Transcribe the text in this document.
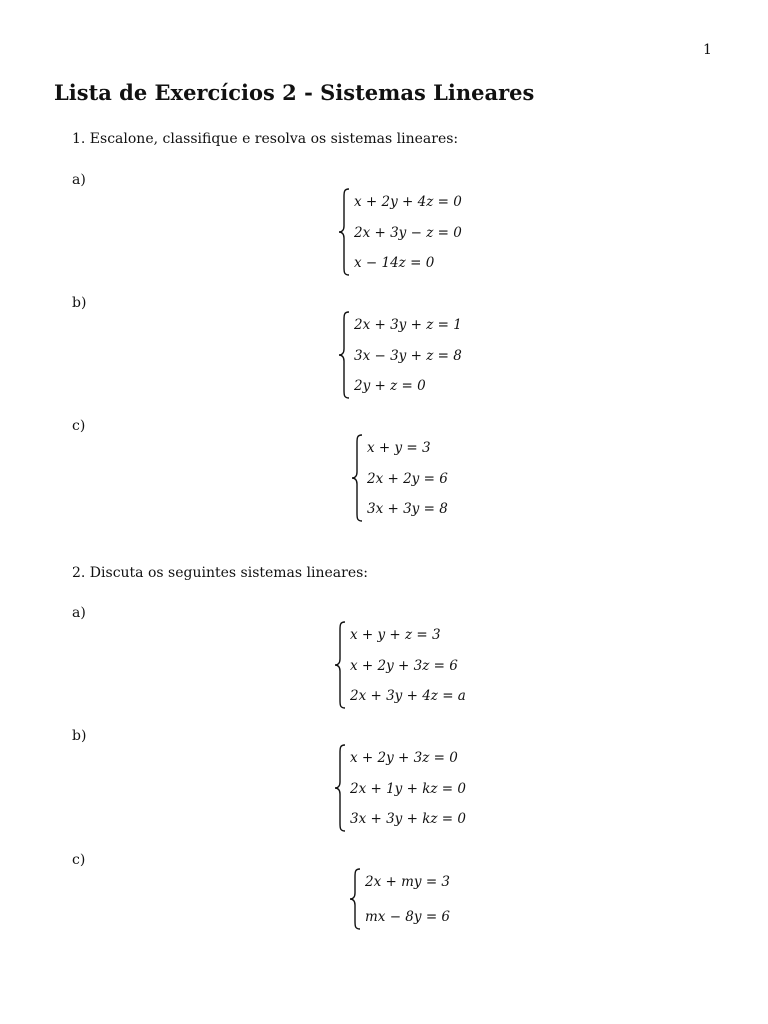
1
Lista de Exercícios 2 - Sistemas Lineares
1. Escalone, classifique e resolva os sistemas lineares:
a)
x + 2y + 4z = 0
2x + 3y − z = 0
x − 14z = 0
b)
2x + 3y + z = 1
3x − 3y + z = 8
2y + z = 0
c)
x + y = 3
2x + 2y = 6
3x + 3y = 8
2. Discuta os seguintes sistemas lineares:
a)
x + y + z = 3
x + 2y + 3z = 6
2x + 3y + 4z = a
b)
x + 2y + 3z = 0
2x + 1y + kz = 0
3x + 3y + kz = 0
c)
2x + my = 3
mx − 8y = 6
